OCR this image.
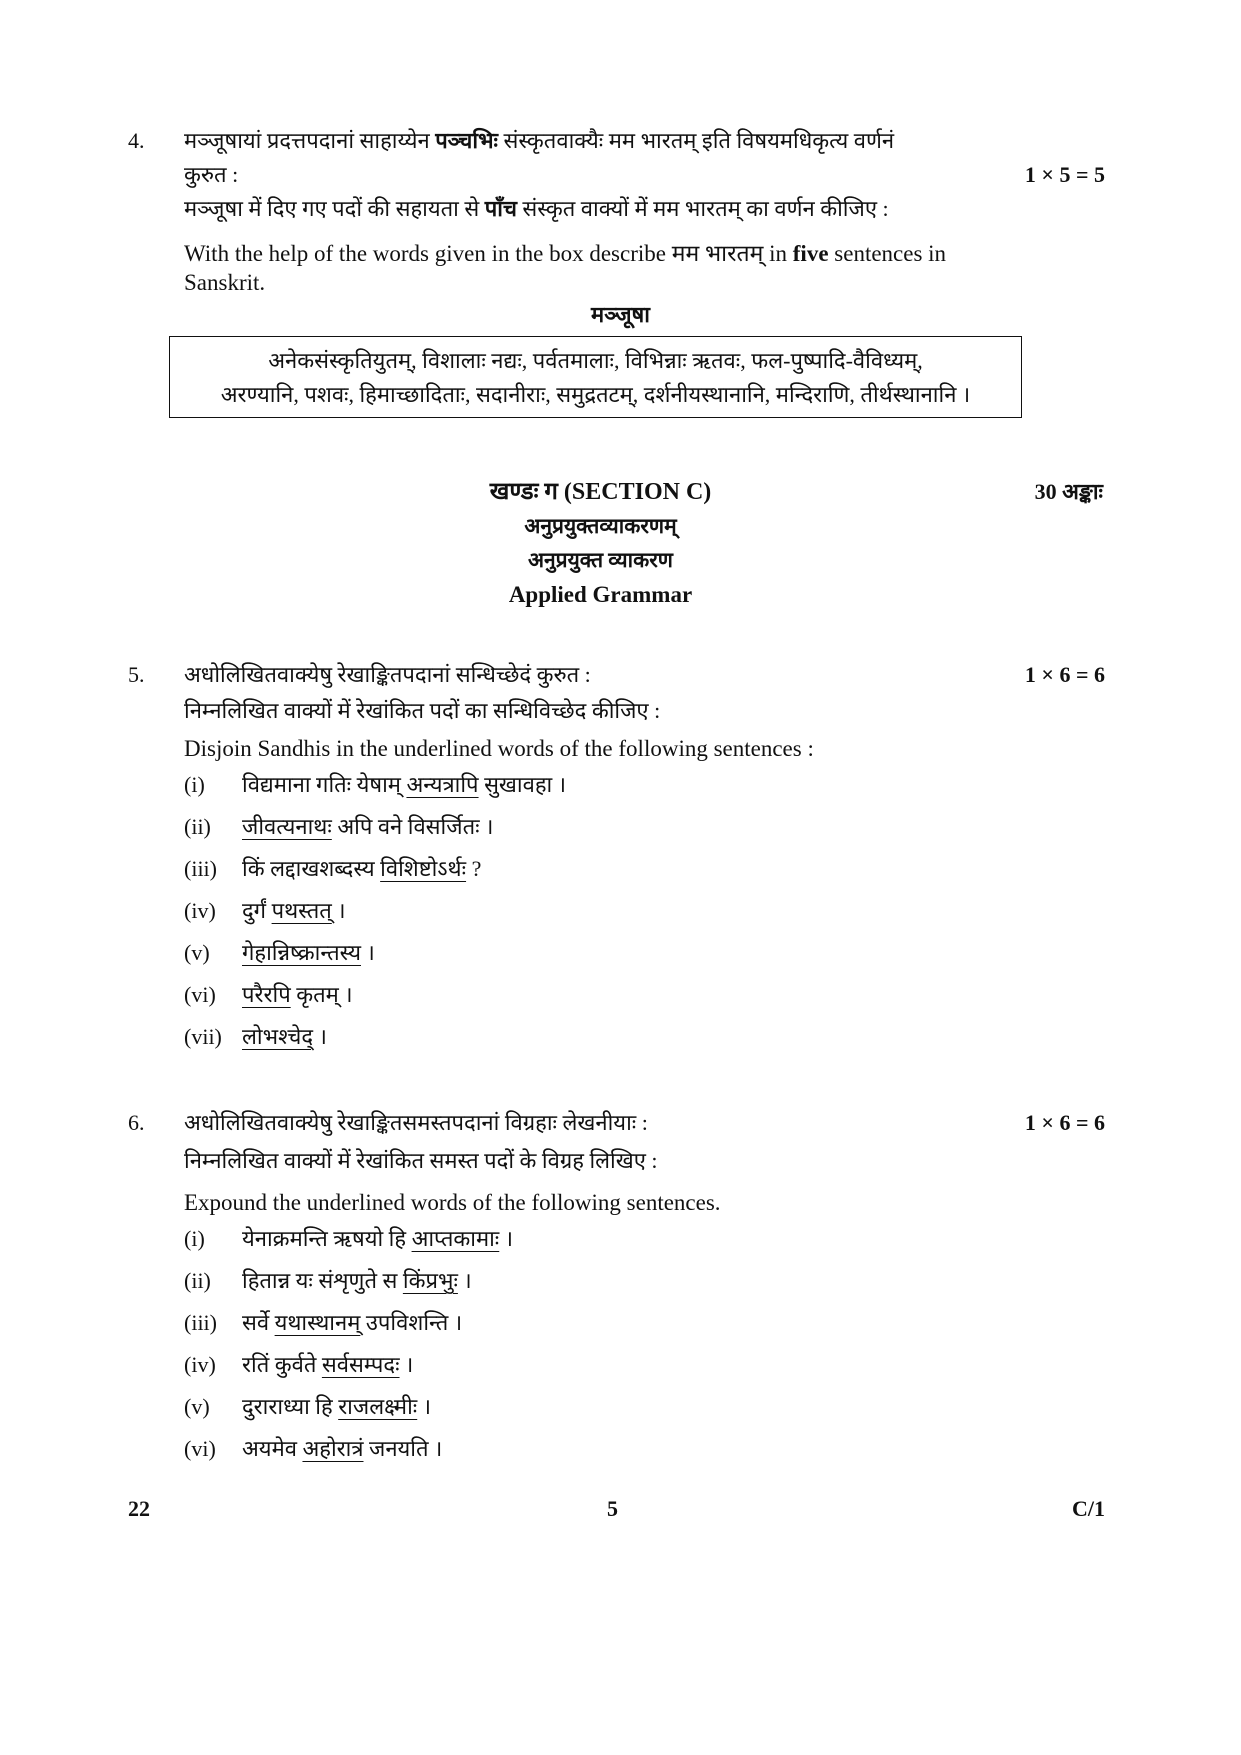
4. मञ्जूषायां प्रदत्तपदानां साहाय्येन पञ्चभिः संस्कृतवाक्यैः मम भारतम् इति विषयमधिकृत्य वर्णनं
कुरुत :	1 × 5 = 5
मञ्जूषा में दिए गए पदों की सहायता से पाँच संस्कृत वाक्यों में मम भारतम् का वर्णन कीजिए :
With the help of the words given in the box describe मम भारतम् in five sentences in
Sanskrit.
मञ्जूषा
अनेकसंस्कृतियुतम्, विशालाः नद्यः, पर्वतमालाः, विभिन्नाः ऋतवः, फल-पुष्पादि-वैविध्यम्,
अरण्यानि, पशवः, हिमाच्छादिताः, सदानीराः, समुद्रतटम्, दर्शनीयस्थानानि, मन्दिराणि, तीर्थस्थानानि ।
खण्डः ग (SECTION C)	30 अङ्काः
अनुप्रयुक्तव्याकरणम्
अनुप्रयुक्त व्याकरण
Applied Grammar
5. अधोलिखितवाक्येषु रेखाङ्कितपदानां सन्धिच्छेदं कुरुत :	1 × 6 = 6
निम्नलिखित वाक्यों में रेखांकित पदों का सन्धिविच्छेद कीजिए :
Disjoin Sandhis in the underlined words of the following sentences :
(i) विद्यमाना गतिः येषाम् अन्यत्रापि सुखावहा ।
(ii) जीवत्यनाथः अपि वने विसर्जितः ।
(iii) किं लद्दाखशब्दस्य विशिष्टोऽर्थः ?
(iv) दुर्गं पथस्तत् ।
(v) गेहान्निष्क्रान्तस्य ।
(vi) परैरपि कृतम् ।
(vii) लोभश्चेद् ।
6. अधोलिखितवाक्येषु रेखाङ्कितसमस्तपदानां विग्रहाः लेखनीयाः :	1 × 6 = 6
निम्नलिखित वाक्यों में रेखांकित समस्त पदों के विग्रह लिखिए :
Expound the underlined words of the following sentences.
(i) येनाक्रमन्ति ऋषयो हि आप्तकामाः ।
(ii) हितान्न यः संशृणुते स किंप्रभुः ।
(iii) सर्वे यथास्थानम् उपविशन्ति ।
(iv) रतिं कुर्वते सर्वसम्पदः ।
(v) दुराराध्या हि राजलक्ष्मीः ।
(vi) अयमेव अहोरात्रं जनयति ।
22	5	C/1
